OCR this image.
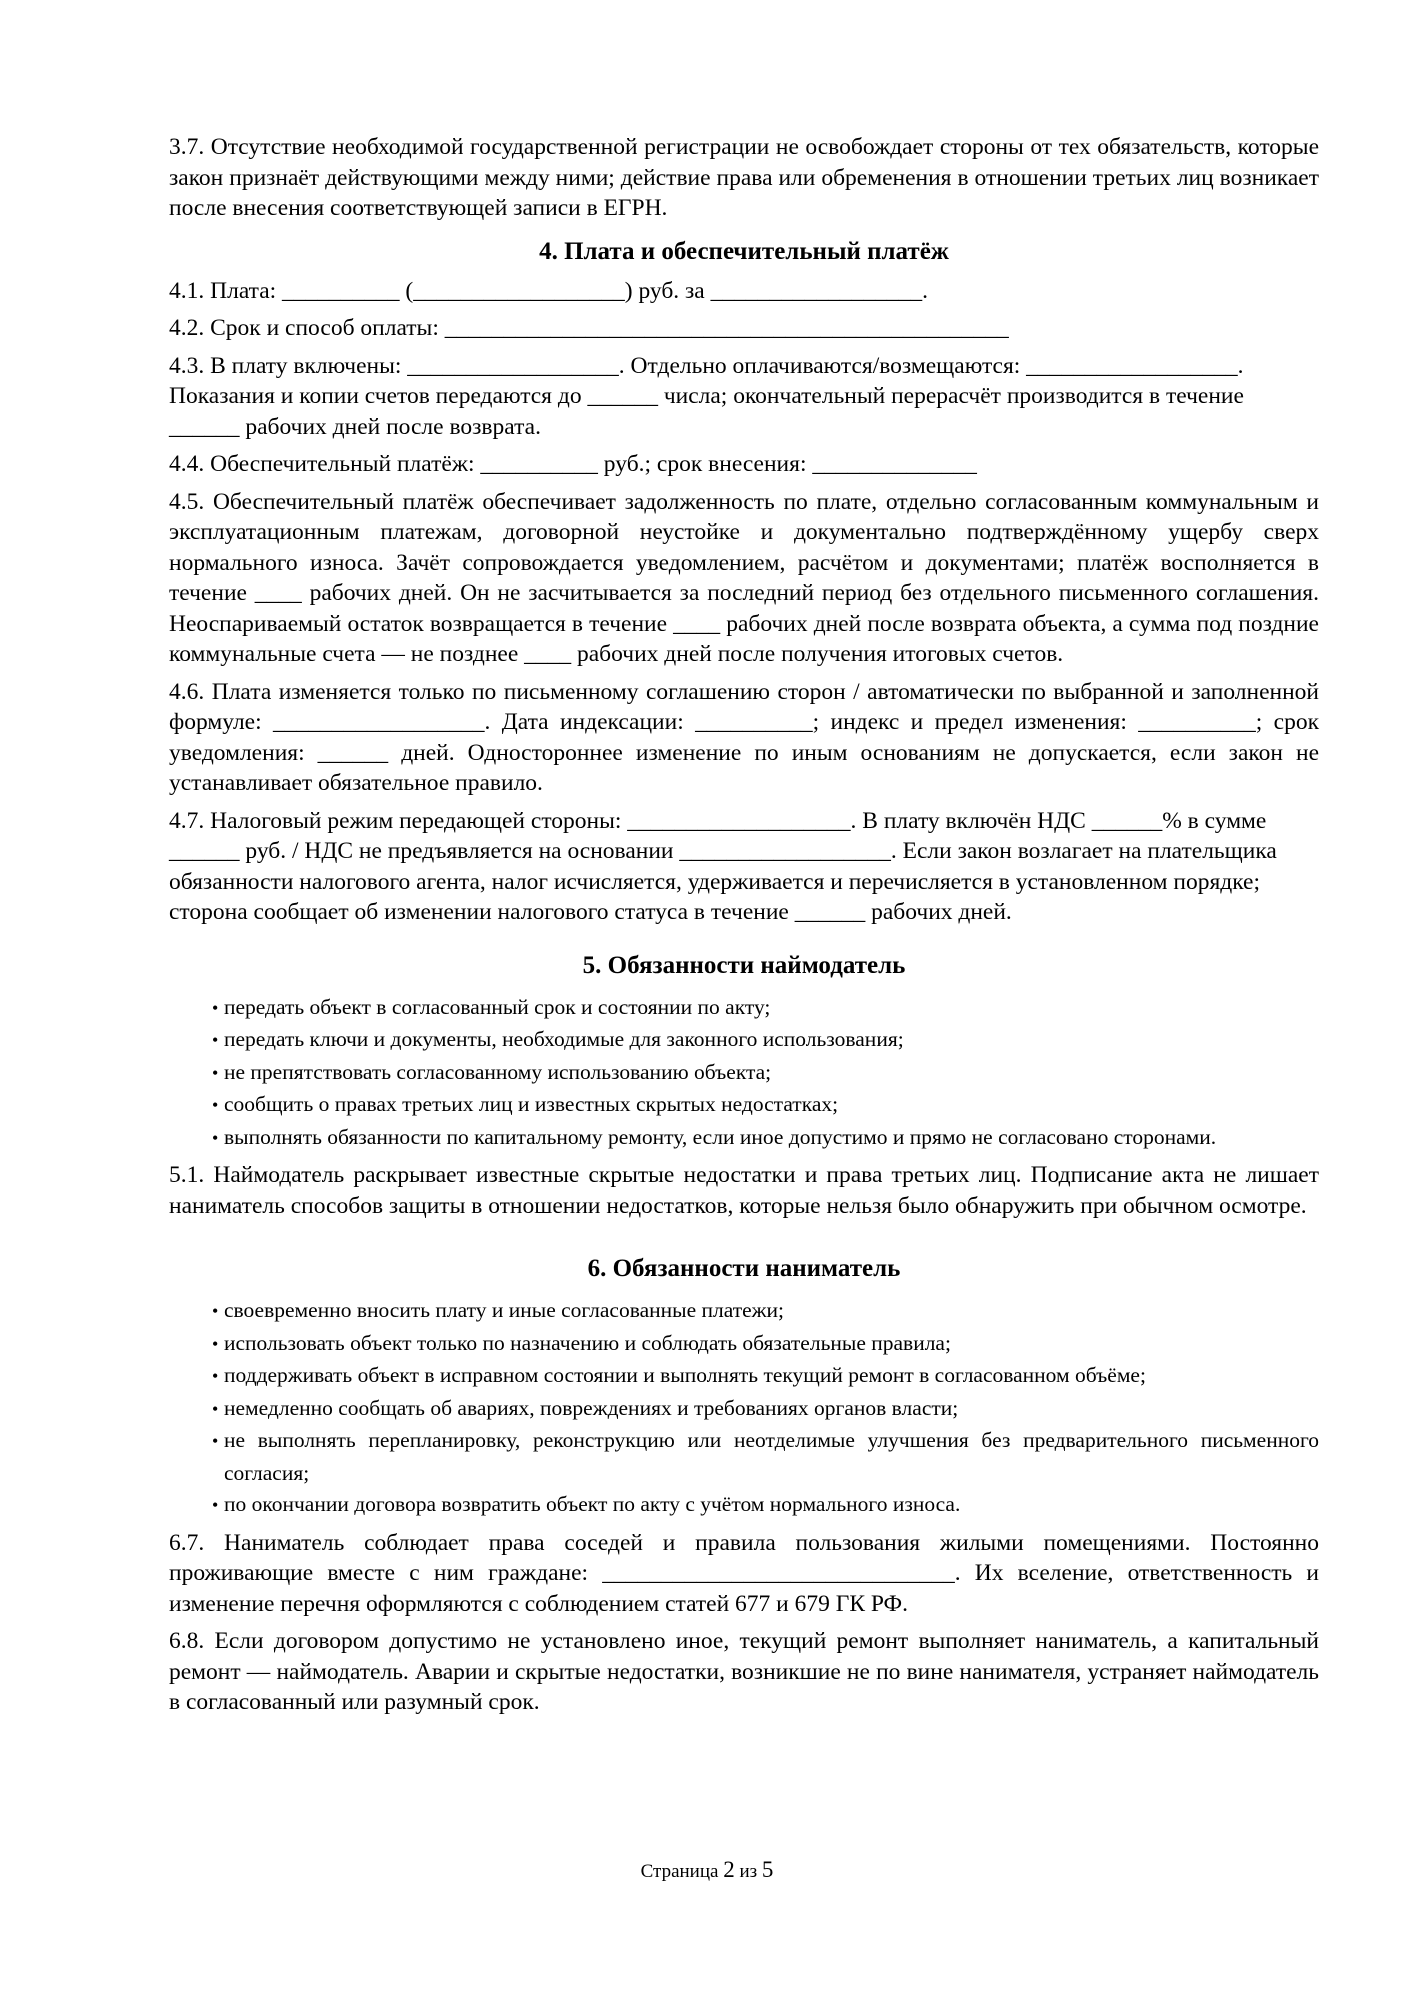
3.7. Отсутствие необходимой государственной регистрации не освобождает стороны от тех обязательств, которые закон признаёт действующими между ними; действие права или обременения в отношении третьих лиц возникает после внесения соответствующей записи в ЕГРН.

4. Плата и обеспечительный платёж

4.1. Плата: __________ (__________________) руб. за __________________.

4.2. Срок и способ оплаты: ________________________________________________

4.3. В плату включены: __________________. Отдельно оплачиваются/возмещаются: __________________. Показания и копии счетов передаются до ______ числа; окончательный перерасчёт производится в течение ______ рабочих дней после возврата.

4.4. Обеспечительный платёж: __________ руб.; срок внесения: ______________

4.5. Обеспечительный платёж обеспечивает задолженность по плате, отдельно согласованным коммунальным и эксплуатационным платежам, договорной неустойке и документально подтверждённому ущербу сверх нормального износа. Зачёт сопровождается уведомлением, расчётом и документами; платёж восполняется в течение ____ рабочих дней. Он не засчитывается за последний период без отдельного письменного соглашения. Неоспариваемый остаток возвращается в течение ____ рабочих дней после возврата объекта, а сумма под поздние коммунальные счета — не позднее ____ рабочих дней после получения итоговых счетов.

4.6. Плата изменяется только по письменному соглашению сторон / автоматически по выбранной и заполненной формуле: __________________. Дата индексации: __________; индекс и предел изменения: __________; срок уведомления: ______ дней. Одностороннее изменение по иным основаниям не допускается, если закон не устанавливает обязательное правило.

4.7. Налоговый режим передающей стороны: ___________________. В плату включён НДС ______% в сумме ______ руб. / НДС не предъявляется на основании __________________. Если закон возлагает на плательщика обязанности налогового агента, налог исчисляется, удерживается и перечисляется в установленном порядке; сторона сообщает об изменении налогового статуса в течение ______ рабочих дней.

5. Обязанности наймодатель
• передать объект в согласованный срок и состоянии по акту;
• передать ключи и документы, необходимые для законного использования;
• не препятствовать согласованному использованию объекта;
• сообщить о правах третьих лиц и известных скрытых недостатках;
• выполнять обязанности по капитальному ремонту, если иное допустимо и прямо не согласовано сторонами.

5.1. Наймодатель раскрывает известные скрытые недостатки и права третьих лиц. Подписание акта не лишает наниматель способов защиты в отношении недостатков, которые нельзя было обнаружить при обычном осмотре.

6. Обязанности наниматель
• своевременно вносить плату и иные согласованные платежи;
• использовать объект только по назначению и соблюдать обязательные правила;
• поддерживать объект в исправном состоянии и выполнять текущий ремонт в согласованном объёме;
• немедленно сообщать об авариях, повреждениях и требованиях органов власти;
• не выполнять перепланировку, реконструкцию или неотделимые улучшения без предварительного письменного согласия;
• по окончании договора возвратить объект по акту с учётом нормального износа.

6.7. Наниматель соблюдает права соседей и правила пользования жилыми помещениями. Постоянно проживающие вместе с ним граждане: ______________________________. Их вселение, ответственность и изменение перечня оформляются с соблюдением статей 677 и 679 ГК РФ.

6.8. Если договором допустимо не установлено иное, текущий ремонт выполняет наниматель, а капитальный ремонт — наймодатель. Аварии и скрытые недостатки, возникшие не по вине нанимателя, устраняет наймодатель в согласованный или разумный срок.

Страница 2 из 5
